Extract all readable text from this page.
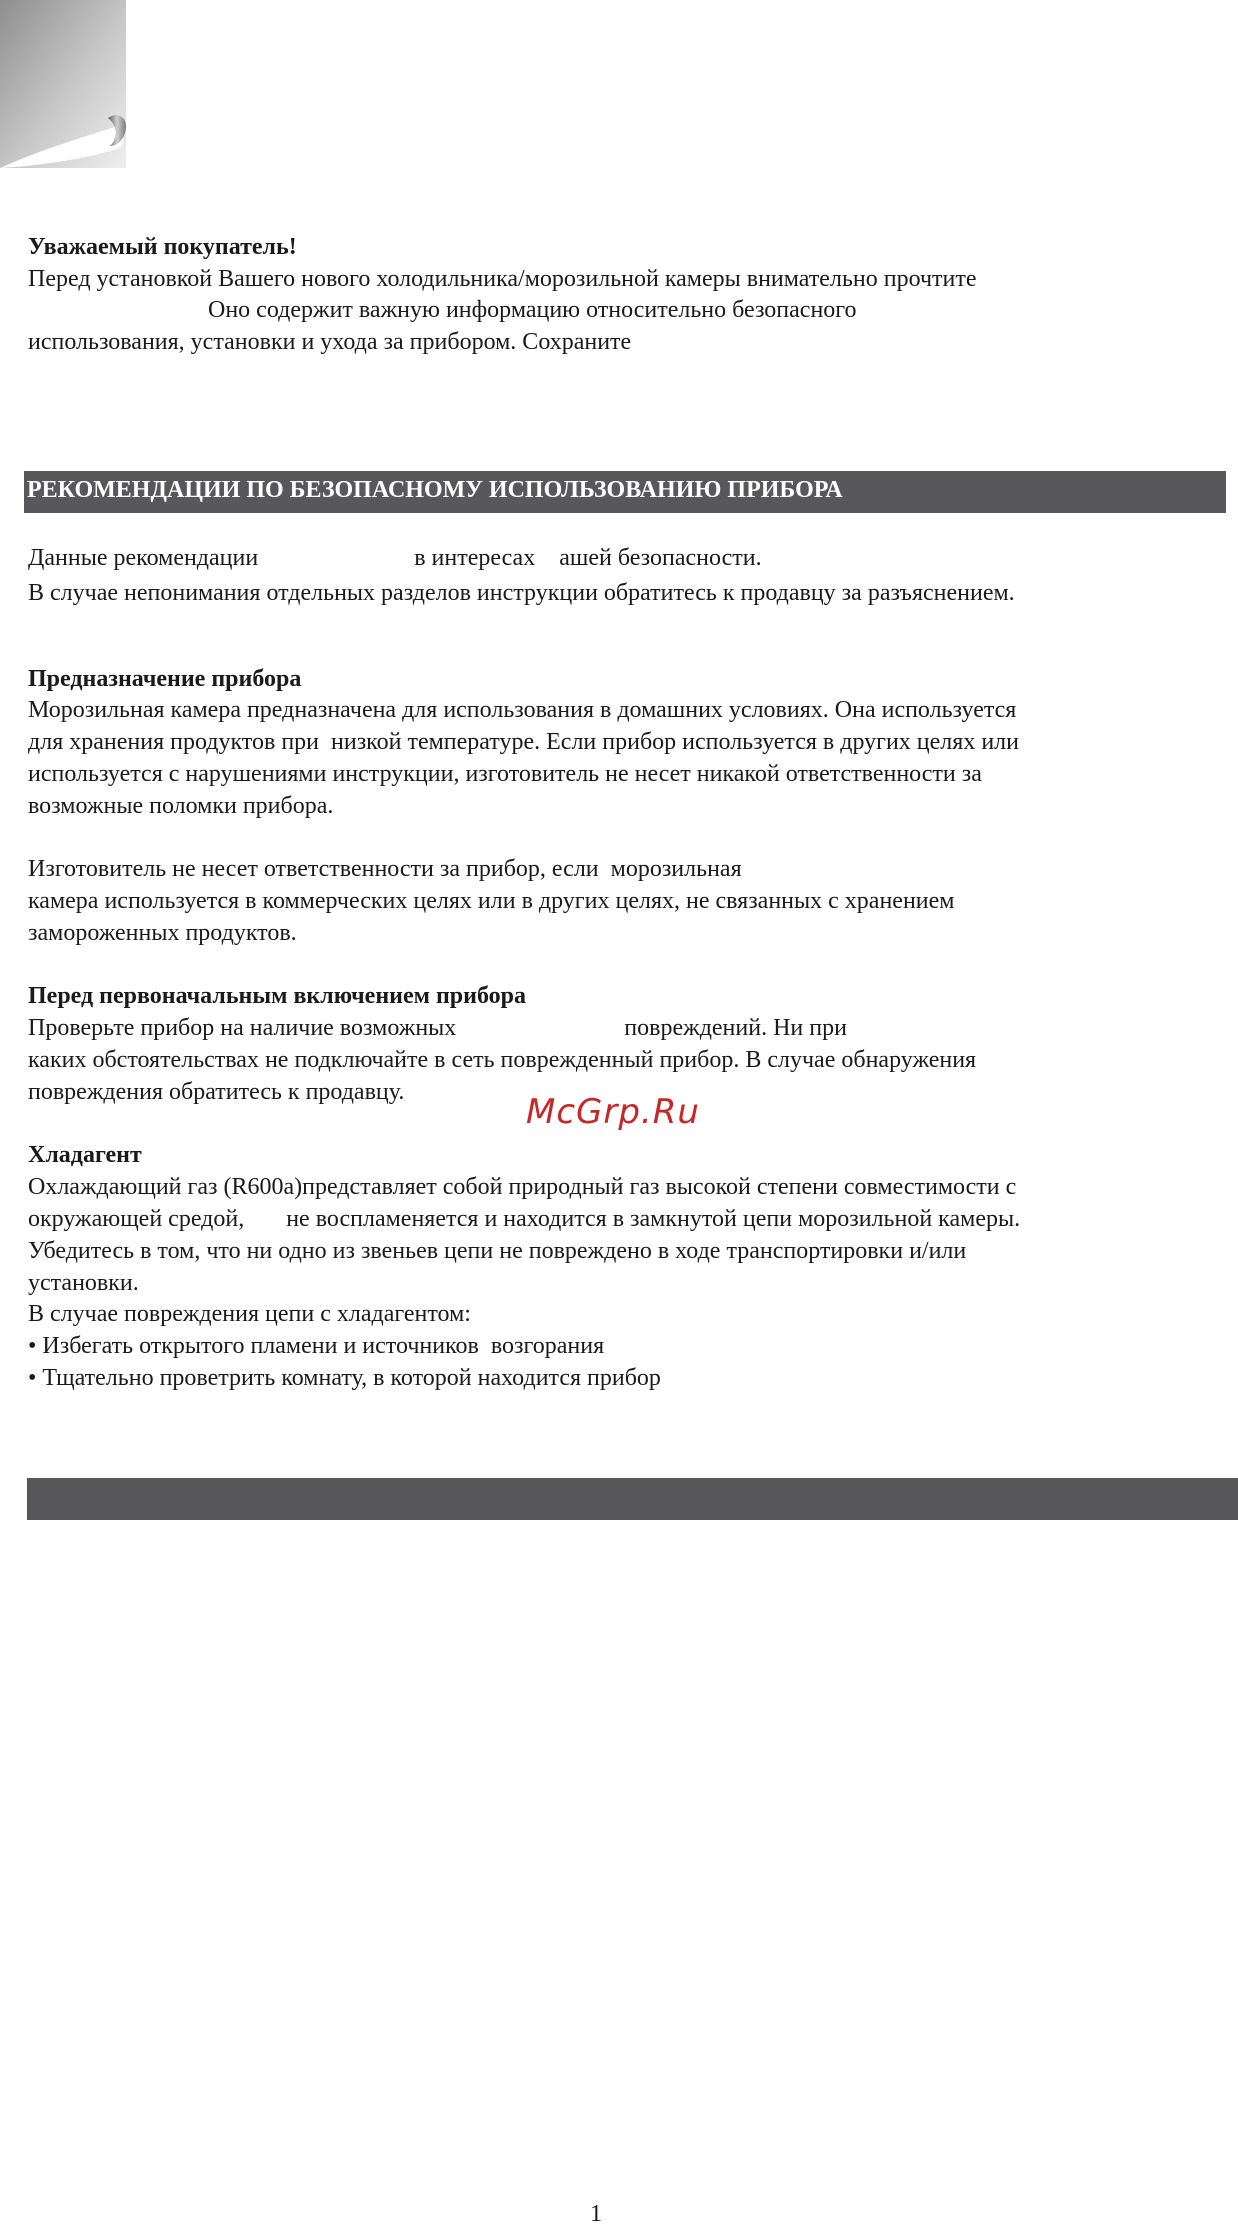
Уважаемый покупатель!
Перед установкой Вашего нового холодильника/морозильной камеры внимательно прочтите
Оно содержит важную информацию относительно безопасного
использования, установки и ухода за прибором. Сохраните
РЕКОМЕНДАЦИИ ПО БЕЗОПАСНОМУ ИСПОЛЬЗОВАНИЮ ПРИБОРА
Данные рекомендации                          в интересах    ашей безопасности.
В случае непонимания отдельных разделов инструкции обратитесь к продавцу за разъяснением.
Предназначение прибора
Морозильная камера предназначена для использования в домашних условиях. Она используется
для хранения продуктов при  низкой температуре. Если прибор используется в других целях или
используется с нарушениями инструкции, изготовитель не несет никакой ответственности за
возможные поломки прибора.
Изготовитель не несет ответственности за прибор, если  морозильная
камера используется в коммерческих целях или в других целях, не связанных с хранением
замороженных продуктов.
Перед первоначальным включением прибора
Проверьте прибор на наличие возможных                            повреждений. Ни при
каких обстоятельствах не подключайте в сеть поврежденный прибор. В случае обнаружения
повреждения обратитесь к продавцу.	McGrp.Ru
Хладагент
Охлаждающий газ (R600a)представляет собой природный газ высокой степени совместимости с
окружающей средой,       не воспламеняется и находится в замкнутой цепи морозильной камеры.
Убедитесь в том, что ни одно из звеньев цепи не повреждено в ходе транспортировки и/или
установки.
В случае повреждения цепи с хладагентом:
• Избегать открытого пламени и источников  возгорания
• Тщательно проветрить комнату, в которой находится прибор
1
